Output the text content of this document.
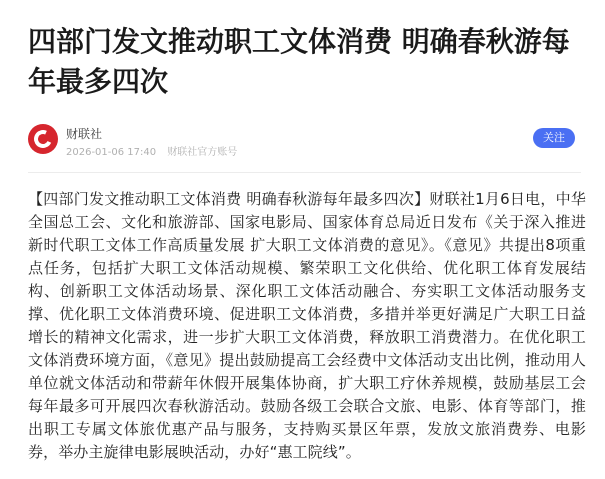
四部门发文推动职工文体消费 明确春秋游每年最多四次
财联社
2026-01-06 17:40 财联社官方账号
关注

【四部门发文推动职工文体消费 明确春秋游每年最多四次】财联社1月6日电，中华全国总工会、文化和旅游部、国家电影局、国家体育总局近日发布《关于深入推进新时代职工文体工作高质量发展 扩大职工文体消费的意见》。《意见》共提出8项重点任务，包括扩大职工文体活动规模、繁荣职工文化供给、优化职工体育发展结构、创新职工文体活动场景、深化职工文体活动融合、夯实职工文体活动服务支撑、优化职工文体消费环境、促进职工文体消费，多措并举更好满足广大职工日益增长的精神文化需求，进一步扩大职工文体消费，释放职工消费潜力。在优化职工文体消费环境方面，《意见》提出鼓励提高工会经费中文体活动支出比例，推动用人单位就文体活动和带薪年休假开展集体协商，扩大职工疗休养规模，鼓励基层工会每年最多可开展四次春秋游活动。鼓励各级工会联合文旅、电影、体育等部门，推出职工专属文体旅优惠产品与服务，支持购买景区年票，发放文旅消费券、电影券，举办主旋律电影展映活动，办好“惠工院线”。
